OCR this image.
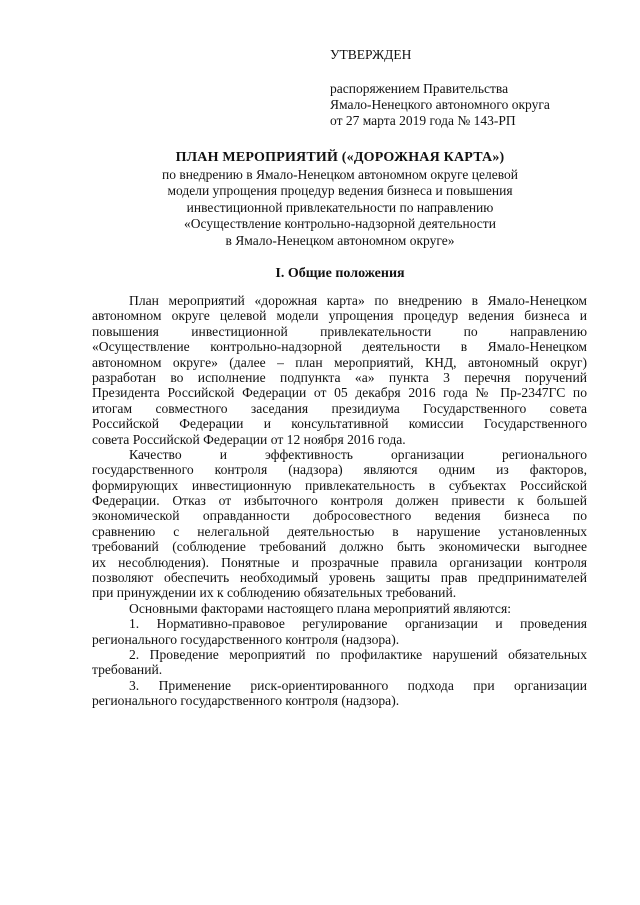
УТВЕРЖДЕН
распоряжением Правительства
Ямало-Ненецкого автономного округа
от 27 марта 2019 года № 143-РП
ПЛАН МЕРОПРИЯТИЙ («ДОРОЖНАЯ КАРТА»)
по внедрению в Ямало-Ненецком автономном округе целевой
модели упрощения процедур ведения бизнеса и повышения
инвестиционной привлекательности по направлению
«Осуществление контрольно-надзорной деятельности
в Ямало-Ненецком автономном округе»
I. Общие положения
План мероприятий «дорожная карта» по внедрению в Ямало-Ненецком
автономном округе целевой модели упрощения процедур ведения бизнеса и
повышения инвестиционной привлекательности по направлению
«Осуществление контрольно-надзорной деятельности в Ямало-Ненецком
автономном округе» (далее – план мероприятий, КНД, автономный округ)
разработан во исполнение подпункта «а» пункта 3 перечня поручений
Президента Российской Федерации от 05 декабря 2016 года № Пр-2347ГС по
итогам совместного заседания президиума Государственного совета
Российской Федерации и консультативной комиссии Государственного
совета Российской Федерации от 12 ноября 2016 года.
Качество и эффективность организации регионального
государственного контроля (надзора) являются одним из факторов,
формирующих инвестиционную привлекательность в субъектах Российской
Федерации. Отказ от избыточного контроля должен привести к большей
экономической оправданности добросовестного ведения бизнеса по
сравнению с нелегальной деятельностью в нарушение установленных
требований (соблюдение требований должно быть экономически выгоднее
их несоблюдения). Понятные и прозрачные правила организации контроля
позволяют обеспечить необходимый уровень защиты прав предпринимателей
при принуждении их к соблюдению обязательных требований.
Основными факторами настоящего плана мероприятий являются:
1. Нормативно-правовое регулирование организации и проведения
регионального государственного контроля (надзора).
2. Проведение мероприятий по профилактике нарушений обязательных
требований.
3. Применение риск-ориентированного подхода при организации
регионального государственного контроля (надзора).
